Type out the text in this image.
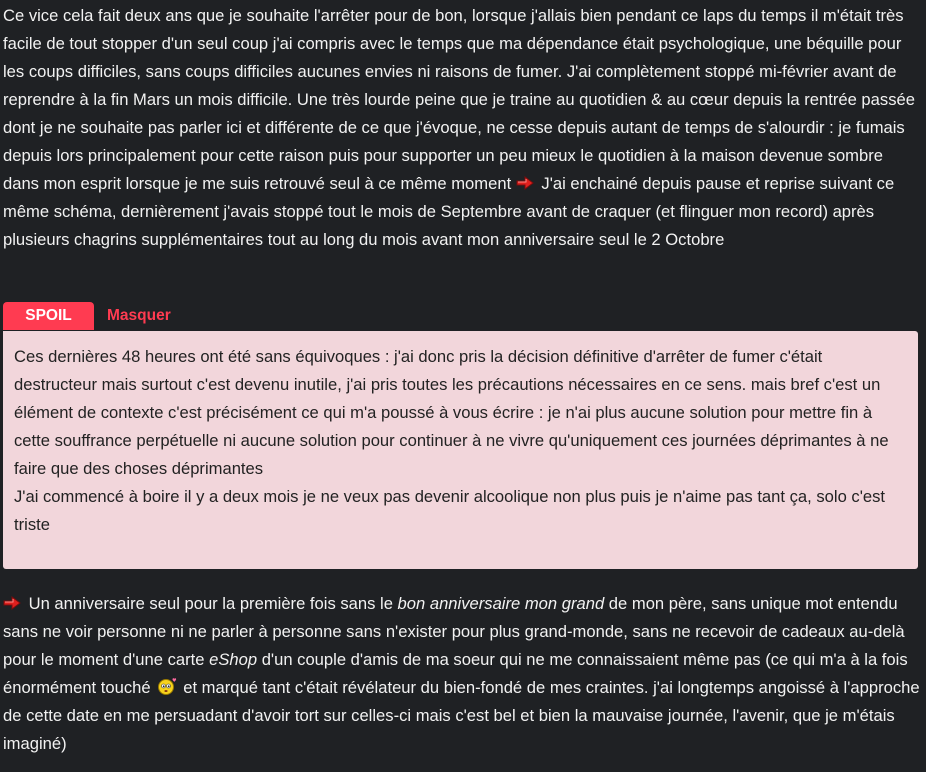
Ce vice cela fait deux ans que je souhaite l'arrêter pour de bon, lorsque j'allais bien pendant ce laps du temps il m'était très facile de tout stopper d'un seul coup j'ai compris avec le temps que ma dépendance était psychologique, une béquille pour les coups difficiles, sans coups difficiles aucunes envies ni raisons de fumer. J'ai complètement stoppé mi-février avant de reprendre à la fin Mars un mois difficile. Une très lourde peine que je traine au quotidien & au cœur depuis la rentrée passée dont je ne souhaite pas parler ici et différente de ce que j'évoque, ne cesse depuis autant de temps de s'alourdir : je fumais depuis lors principalement pour cette raison puis pour supporter un peu mieux le quotidien à la maison devenue sombre dans mon esprit lorsque je me suis retrouvé seul à ce même moment
J'ai enchainé depuis pause et reprise suivant ce même schéma, dernièrement j'avais stoppé tout le mois de Septembre avant de craquer (et flinguer mon record) après plusieurs chagrins supplémentaires tout au long du mois avant mon anniversaire seul le 2 Octobre

SPOIL	Masquer

Ces dernières 48 heures ont été sans équivoques : j'ai donc pris la décision définitive d'arrêter de fumer c'était destructeur mais surtout c'est devenu inutile, j'ai pris toutes les précautions nécessaires en ce sens. mais bref c'est un élément de contexte c'est précisément ce qui m'a poussé à vous écrire : je n'ai plus aucune solution pour mettre fin à cette souffrance perpétuelle ni aucune solution pour continuer à ne vivre qu'uniquement ces journées déprimantes à ne faire que des choses déprimantes

J'ai commencé à boire il y a deux mois je ne veux pas devenir alcoolique non plus puis je n'aime pas tant ça, solo c'est triste

Un anniversaire seul pour la première fois sans le bon anniversaire mon grand de mon père, sans unique mot entendu sans ne voir personne ni ne parler à personne sans n'exister pour plus grand-monde, sans ne recevoir de cadeaux au-delà pour le moment d'une carte eShop d'un couple d'amis de ma soeur qui ne me connaissaient même pas (ce qui m'a à la fois énormément touché et marqué tant c'était révélateur du bien-fondé de mes craintes. j'ai longtemps angoissé à l'approche de cette date en me persuadant d'avoir tort sur celles-ci mais c'est bel et bien la mauvaise journée, l'avenir, que je m'étais imaginé)
